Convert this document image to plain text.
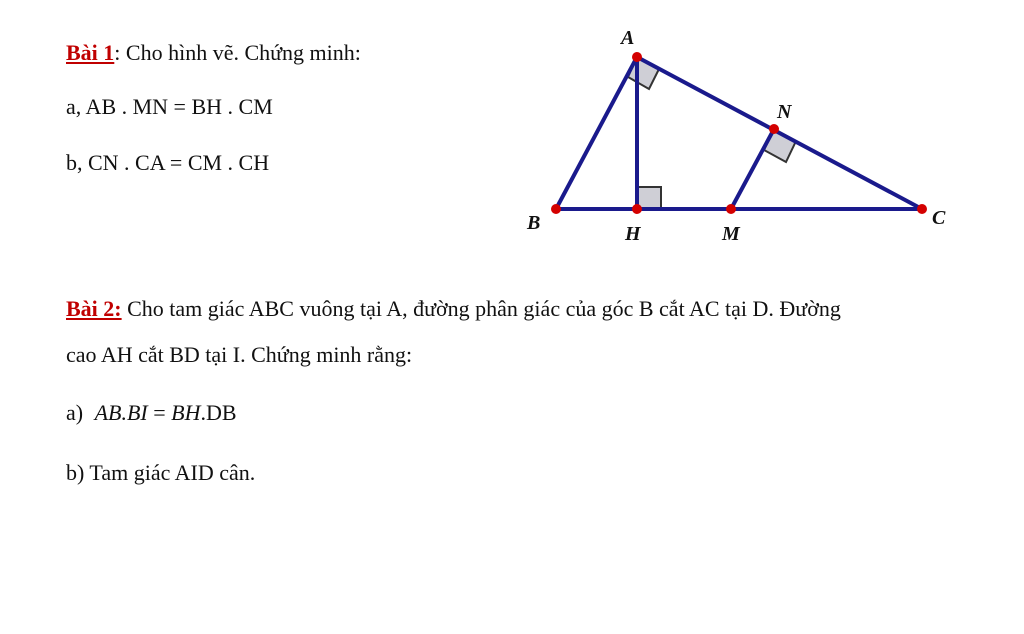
Bài 1: Cho hình vẽ. Chứng minh:
a, AB . MN = BH . CM
b, CN . CA = CM . CH
A
B	H	M
C
N
Bài 2: Cho tam giác ABC vuông tại A, đường phân giác của góc B cắt AC tại D. Đường
cao AH cắt BD tại I. Chứng minh rằng:
a) AB.BI = BH.DB
b) Tam giác AID cân.
